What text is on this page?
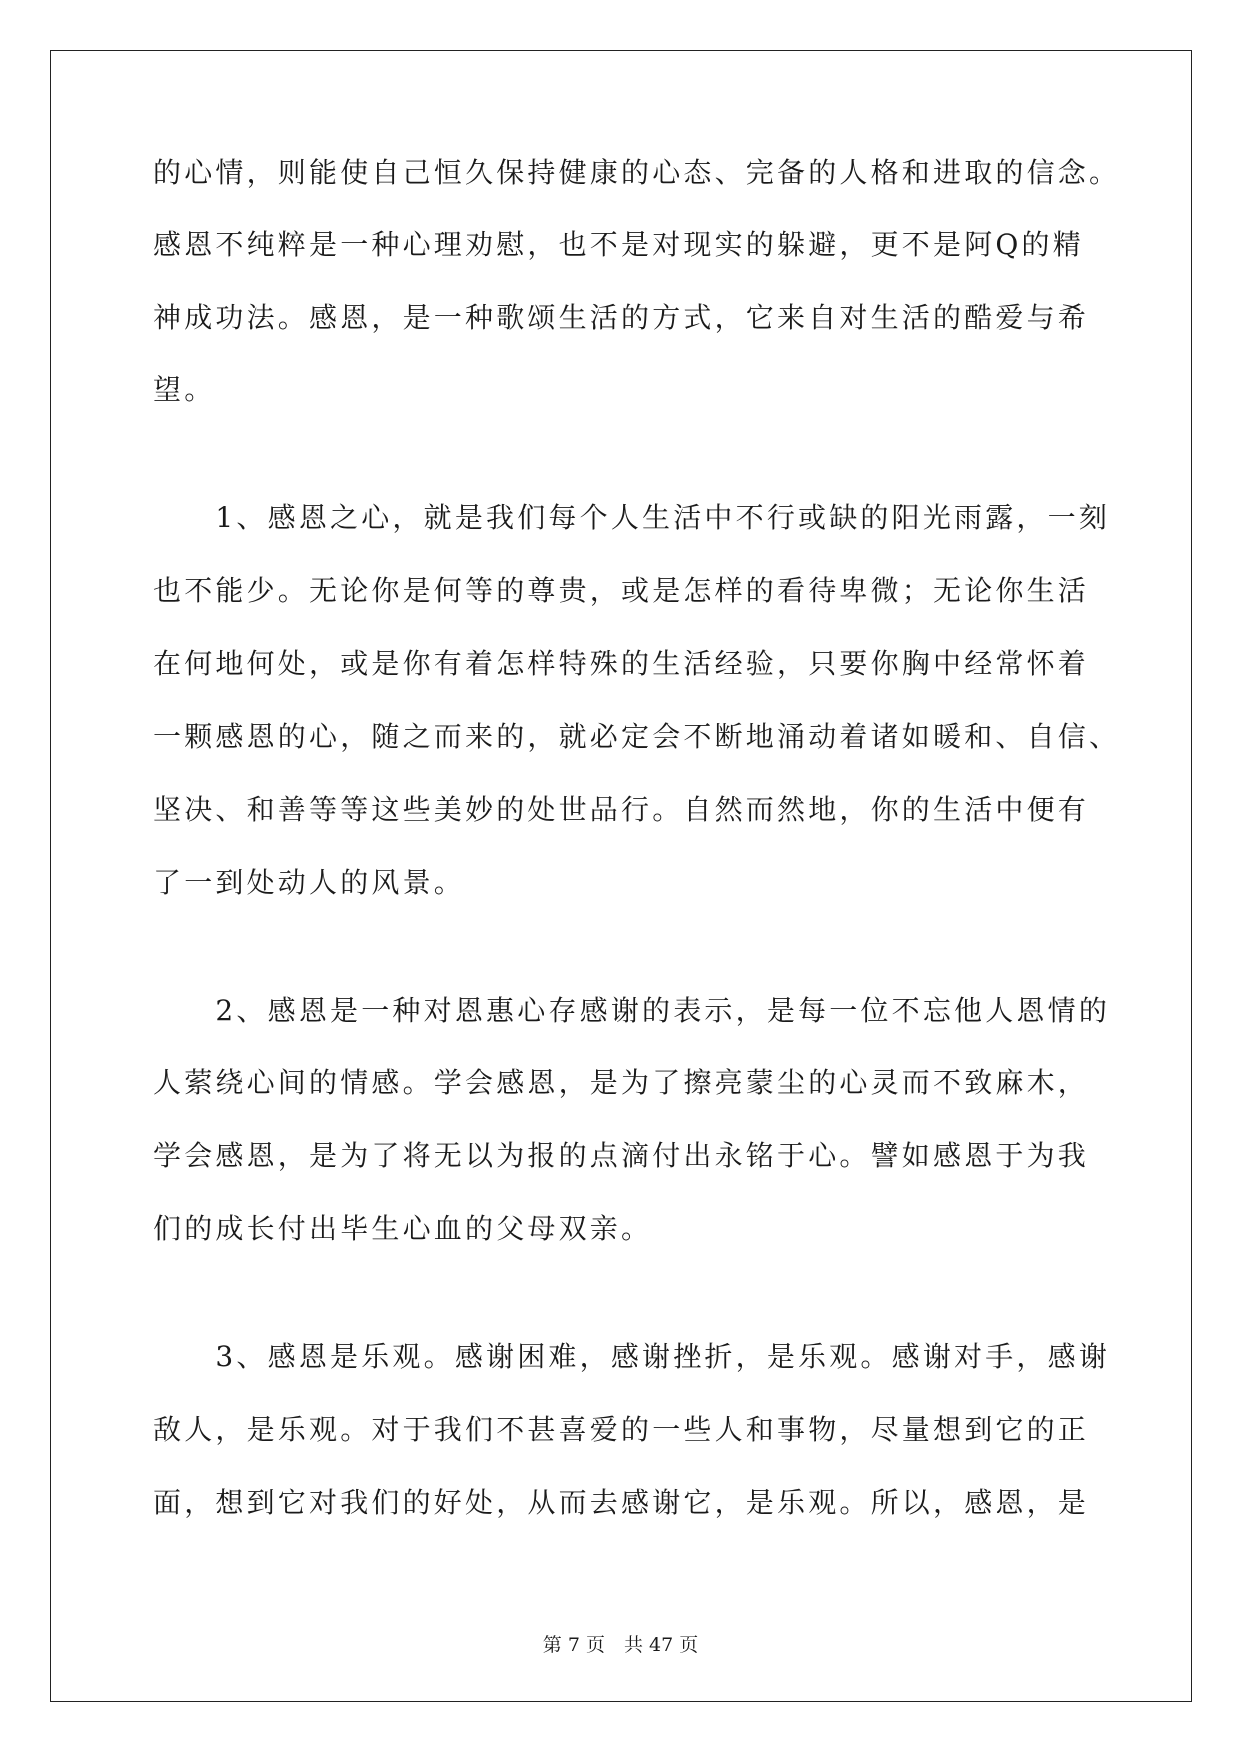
的心情，则能使自己恒久保持健康的心态、完备的人格和进取的信念。
感恩不纯粹是一种心理劝慰，也不是对现实的躲避，更不是阿Q的精
神成功法。感恩，是一种歌颂生活的方式，它来自对生活的酷爱与希
望。
　　1、感恩之心，就是我们每个人生活中不行或缺的阳光雨露，一刻
也不能少。无论你是何等的尊贵，或是怎样的看待卑微；无论你生活
在何地何处，或是你有着怎样特殊的生活经验，只要你胸中经常怀着
一颗感恩的心，随之而来的，就必定会不断地涌动着诸如暖和、自信、
坚决、和善等等这些美妙的处世品行。自然而然地，你的生活中便有
了一到处动人的风景。
　　2、感恩是一种对恩惠心存感谢的表示，是每一位不忘他人恩情的
人萦绕心间的情感。学会感恩，是为了擦亮蒙尘的心灵而不致麻木，
学会感恩，是为了将无以为报的点滴付出永铭于心。譬如感恩于为我
们的成长付出毕生心血的父母双亲。
　　3、感恩是乐观。感谢困难，感谢挫折，是乐观。感谢对手，感谢
敌人，是乐观。对于我们不甚喜爱的一些人和事物，尽量想到它的正
面，想到它对我们的好处，从而去感谢它，是乐观。所以，感恩，是
第 7 页　共 47 页
